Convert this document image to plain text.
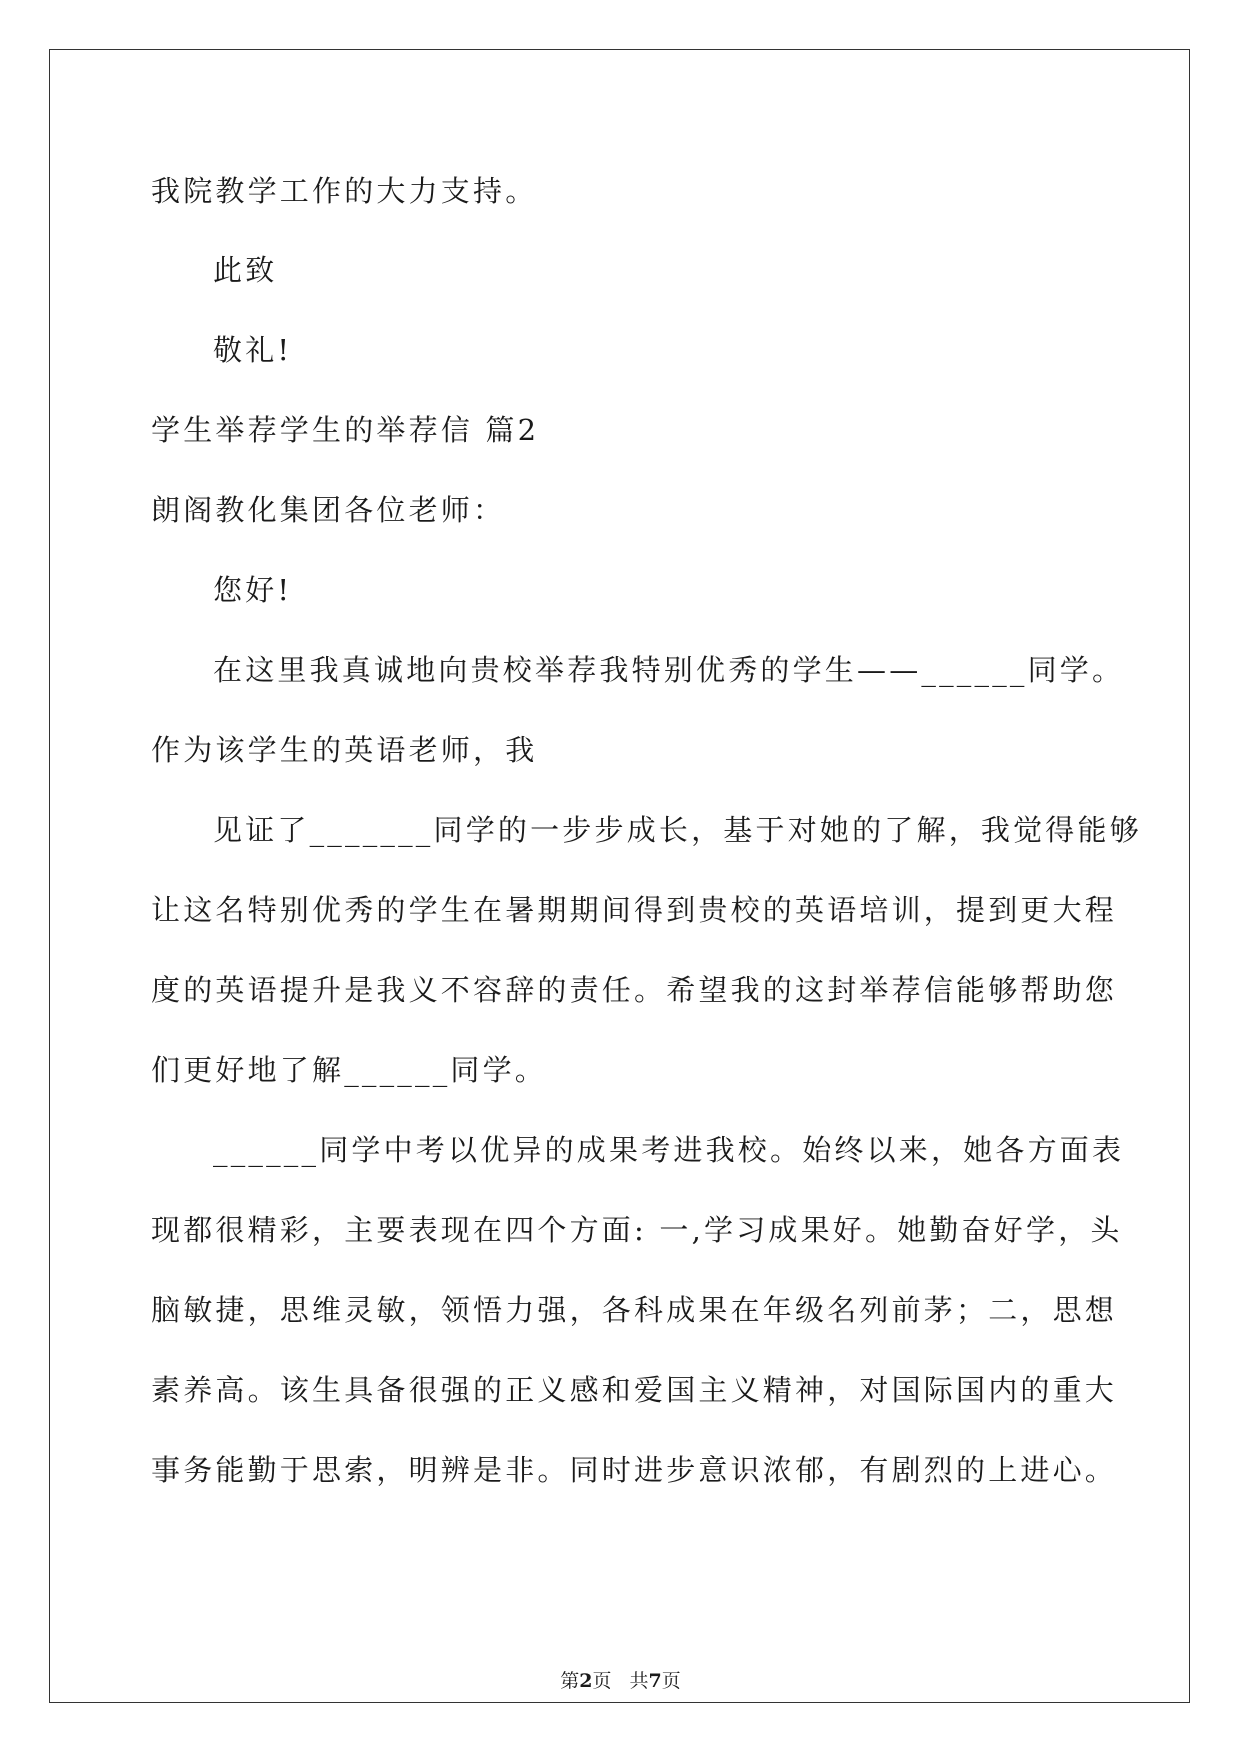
我院教学工作的大力支持。
此致
敬礼!
学生举荐学生的举荐信 篇2
朗阁教化集团各位老师：
您好!
在这里我真诚地向贵校举荐我特别优秀的学生——______同学。
作为该学生的英语老师，我
见证了_______同学的一步步成长，基于对她的了解，我觉得能够
让这名特别优秀的学生在暑期期间得到贵校的英语培训，提到更大程
度的英语提升是我义不容辞的责任。希望我的这封举荐信能够帮助您
们更好地了解______同学。
______同学中考以优异的成果考进我校。始终以来，她各方面表
现都很精彩，主要表现在四个方面: 一,学习成果好。她勤奋好学，头
脑敏捷，思维灵敏，领悟力强，各科成果在年级名列前茅；二，思想
素养高。该生具备很强的正义感和爱国主义精神，对国际国内的重大
事务能勤于思索，明辨是非。同时进步意识浓郁，有剧烈的上进心。
第2页 共7页
